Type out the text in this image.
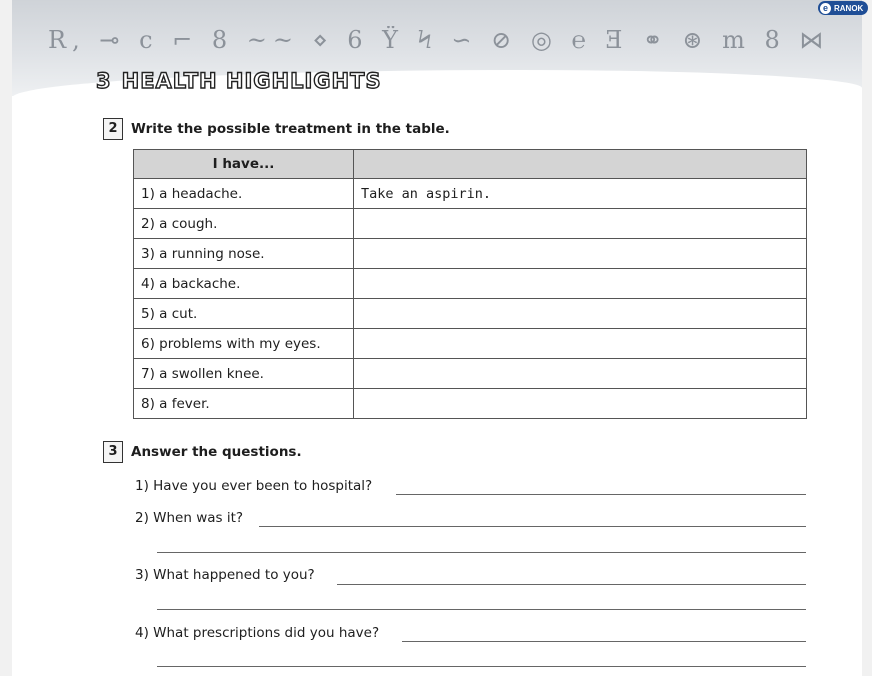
R, ⊸ c ⌐ 8 ~~ ⋄ 6 Ϋ Ϟ ∽ ⊘ ◎ ℮ Ǝ ⚭ ⊛ m 8 ⋈
e RANOK
3 HEALTH HIGHLIGHTS
2 Write the possible treatment in the table.
I have...	
1) a headache.	Take an aspirin.
2) a cough.	
3) a running nose.	
4) a backache.	
5) a cut.	
6) problems with my eyes.	
7) a swollen knee.	
8) a fever.	
3 Answer the questions.
1) Have you ever been to hospital?
2) When was it?
3) What happened to you?
4) What prescriptions did you have?
